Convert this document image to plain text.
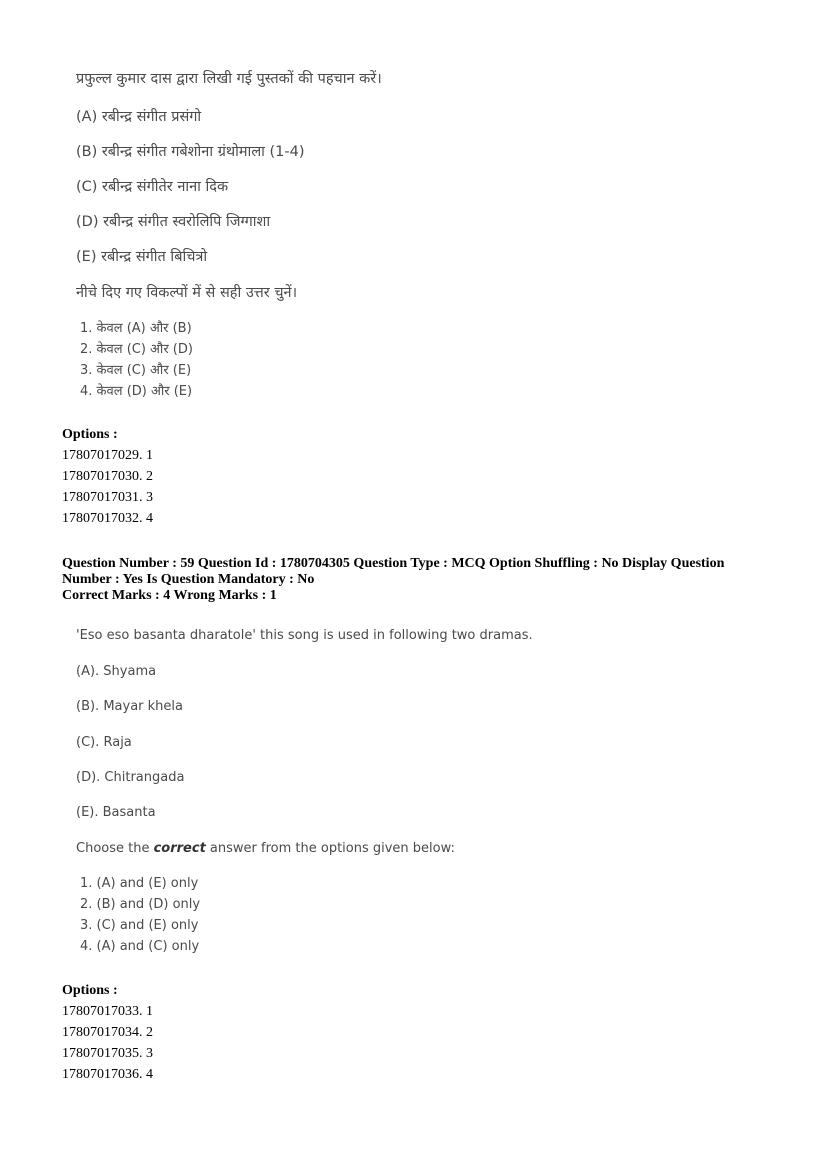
प्रफुल्ल कुमार दास द्वारा लिखी गई पुस्तकों की पहचान करें।
(A) रबीन्द्र संगीत प्रसंगो
(B) रबीन्द्र संगीत गबेशोना ग्रंथोमाला (1-4)
(C) रबीन्द्र संगीतेर नाना दिक
(D) रबीन्द्र संगीत स्वरोलिपि जिग्गाशा
(E) रबीन्द्र संगीत बिचित्रो
नीचे दिए गए विकल्पों में से सही उत्तर चुनें।
1. केवल (A) और (B)
2. केवल (C) और (D)
3. केवल (C) और (E)
4. केवल (D) और (E)
Options :
17807017029. 1
17807017030. 2
17807017031. 3
17807017032. 4
Question Number : 59 Question Id : 1780704305 Question Type : MCQ Option Shuffling : No Display Question
Number : Yes Is Question Mandatory : No
Correct Marks : 4 Wrong Marks : 1
'Eso eso basanta dharatole' this song is used in following two dramas.
(A). Shyama
(B). Mayar khela
(C). Raja
(D). Chitrangada
(E). Basanta
Choose the correct answer from the options given below:
1. (A) and (E) only
2. (B) and (D) only
3. (C) and (E) only
4. (A) and (C) only
Options :
17807017033. 1
17807017034. 2
17807017035. 3
17807017036. 4
